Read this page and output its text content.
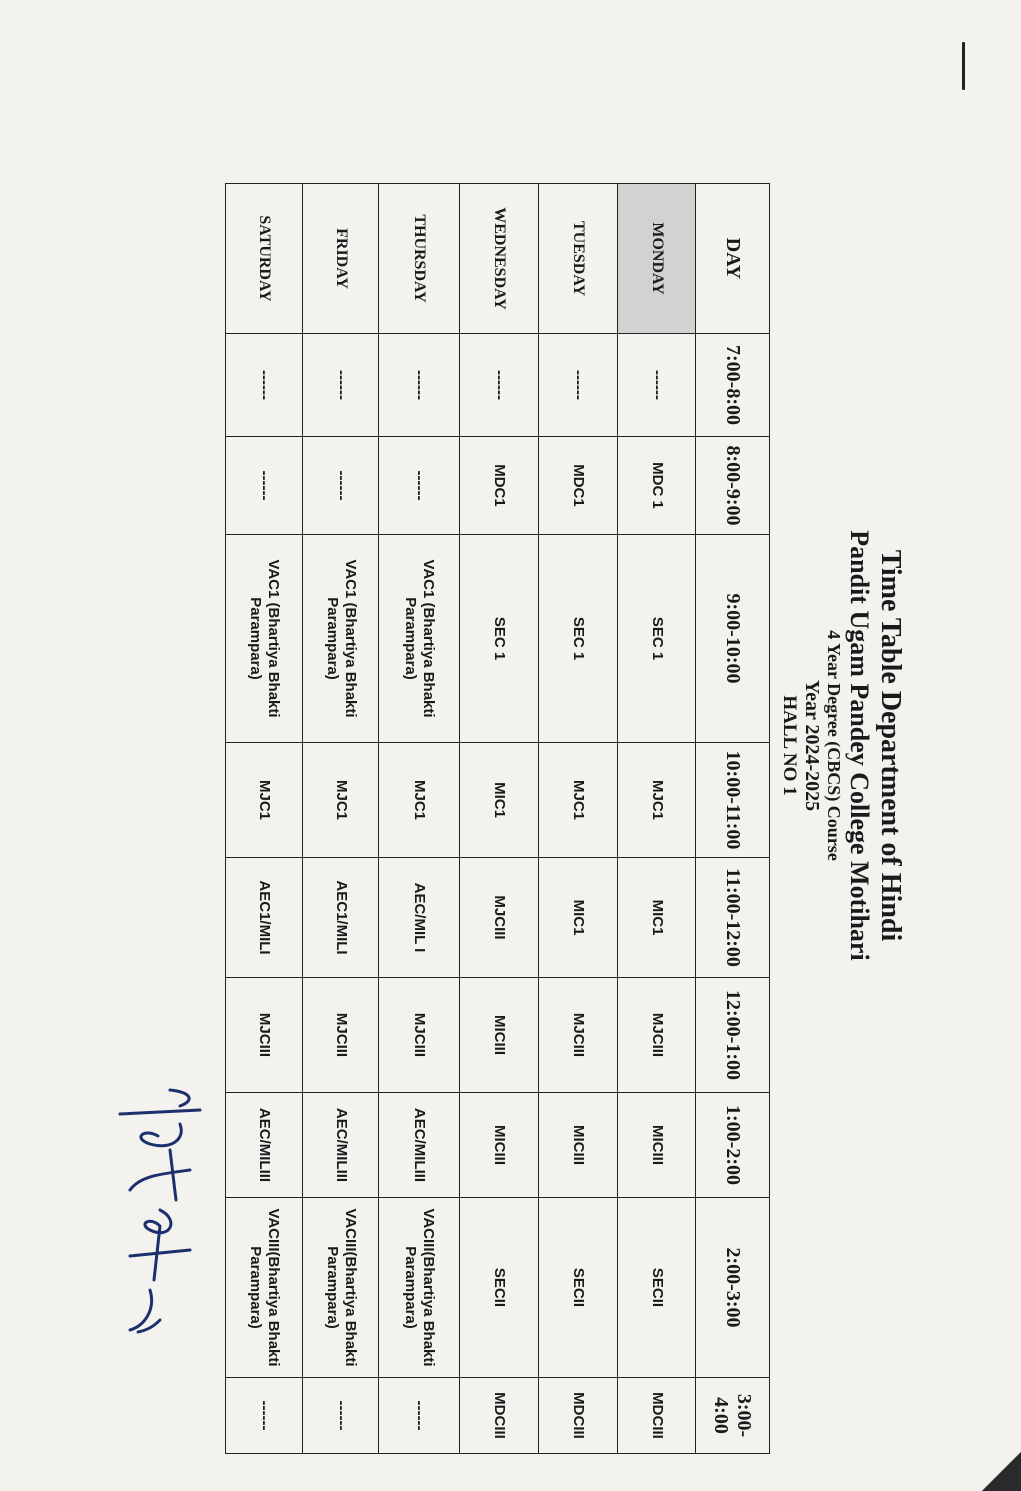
Time Table Department of Hindi
Pandit Ugam Pandey College Motihari
4 Year Degree (CBCS) Course
Year 2024-2025
HALL NO 1
DAY	7:00-8:00	8:00-9:00	9:00-10:00	10:00-11:00	11:00-12:00	12:00-1:00	1:00-2:00	2:00-3:00	3:00-4:00
MONDAY	------	MDC 1	SEC 1	MJC1	MIC1	MJCIII	MICIII	SECII	MDCIII
TUESDAY	------	MDC1	SEC 1	MJC1	MIC1	MJCIII	MICIII	SECII	MDCIII
WEDNESDAY	------	MDC1	SEC 1	MIC1	MJCIII	MICIII	MICIII	SECII	MDCIII
THURSDAY	------	------	VAC1 (Bhartiya Bhakti Parampara)	MJC1	AEC/MIL I	MJCIII	AEC/MILIII	VACIII(Bhartiya Bhakti Parampara)	------
FRIDAY	------	------	VAC1 (Bhartiya Bhakti Parampara)	MJC1	AEC1/MILI	MJCIII	AEC/MILIII	VACIII(Bhartiya Bhakti Parampara)	------
SATURDAY	------	------	VAC1 (Bhartiya Bhakti Parampara)	MJC1	AEC1/MILI	MJCIII	AEC/MILIII	VACIII(Bhartiya Bhakti Parampara)	------
